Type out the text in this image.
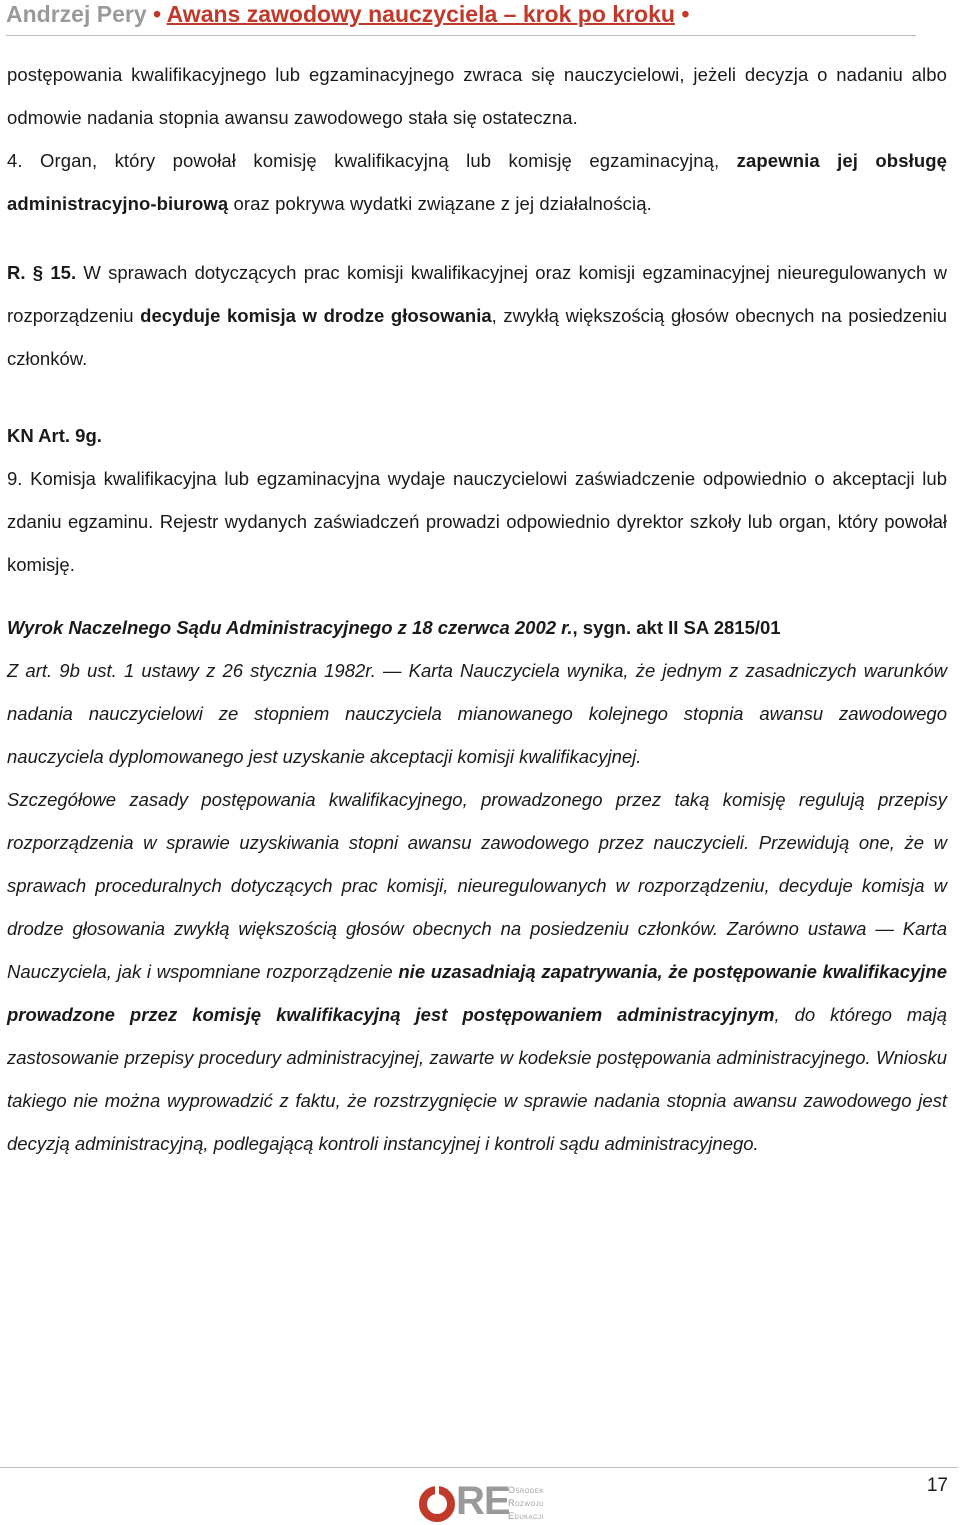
Andrzej Pery • Awans zawodowy nauczyciela – krok po kroku •

postępowania kwalifikacyjnego lub egzaminacyjnego zwraca się nauczycielowi, jeżeli decyzja o nadaniu albo odmowie nadania stopnia awansu zawodowego stała się ostateczna.

4. Organ, który powołał komisję kwalifikacyjną lub komisję egzaminacyjną, zapewnia jej obsługę administracyjno-biurową oraz pokrywa wydatki związane z jej działalnością.

R. § 15. W sprawach dotyczących prac komisji kwalifikacyjnej oraz komisji egzaminacyjnej nieuregulowanych w rozporządzeniu decyduje komisja w drodze głosowania, zwykłą większością głosów obecnych na posiedzeniu członków.

KN Art. 9g.

9. Komisja kwalifikacyjna lub egzaminacyjna wydaje nauczycielowi zaświadczenie odpowiednio o akceptacji lub zdaniu egzaminu. Rejestr wydanych zaświadczeń prowadzi odpowiednio dyrektor szkoły lub organ, który powołał komisję.

Wyrok Naczelnego Sądu Administracyjnego z 18 czerwca 2002 r., sygn. akt II SA 2815/01

Z art. 9b ust. 1 ustawy z 26 stycznia 1982r. — Karta Nauczyciela wynika, że jednym z zasadniczych warunków nadania nauczycielowi ze stopniem nauczyciela mianowanego kolejnego stopnia awansu zawodowego nauczyciela dyplomowanego jest uzyskanie akceptacji komisji kwalifikacyjnej.

Szczegółowe zasady postępowania kwalifikacyjnego, prowadzonego przez taką komisję regulują przepisy rozporządzenia w sprawie uzyskiwania stopni awansu zawodowego przez nauczycieli. Przewidują one, że w sprawach proceduralnych dotyczących prac komisji, nieuregulowanych w rozporządzeniu, decyduje komisja w drodze głosowania zwykłą większością głosów obecnych na posiedzeniu członków. Zarówno ustawa — Karta Nauczyciela, jak i wspomniane rozporządzenie nie uzasadniają zapatrywania, że postępowanie kwalifikacyjne prowadzone przez komisję kwalifikacyjną jest postępowaniem administracyjnym, do którego mają zastosowanie przepisy procedury administracyjnej, zawarte w kodeksie postępowania administracyjnego. Wniosku takiego nie można wyprowadzić z faktu, że rozstrzygnięcie w sprawie nadania stopnia awansu zawodowego jest decyzją administracyjną, podlegającą kontroli instancyjnej i kontroli sądu administracyjnego.

17
RE
Ośrodek
Rozwoju
Edukacji
